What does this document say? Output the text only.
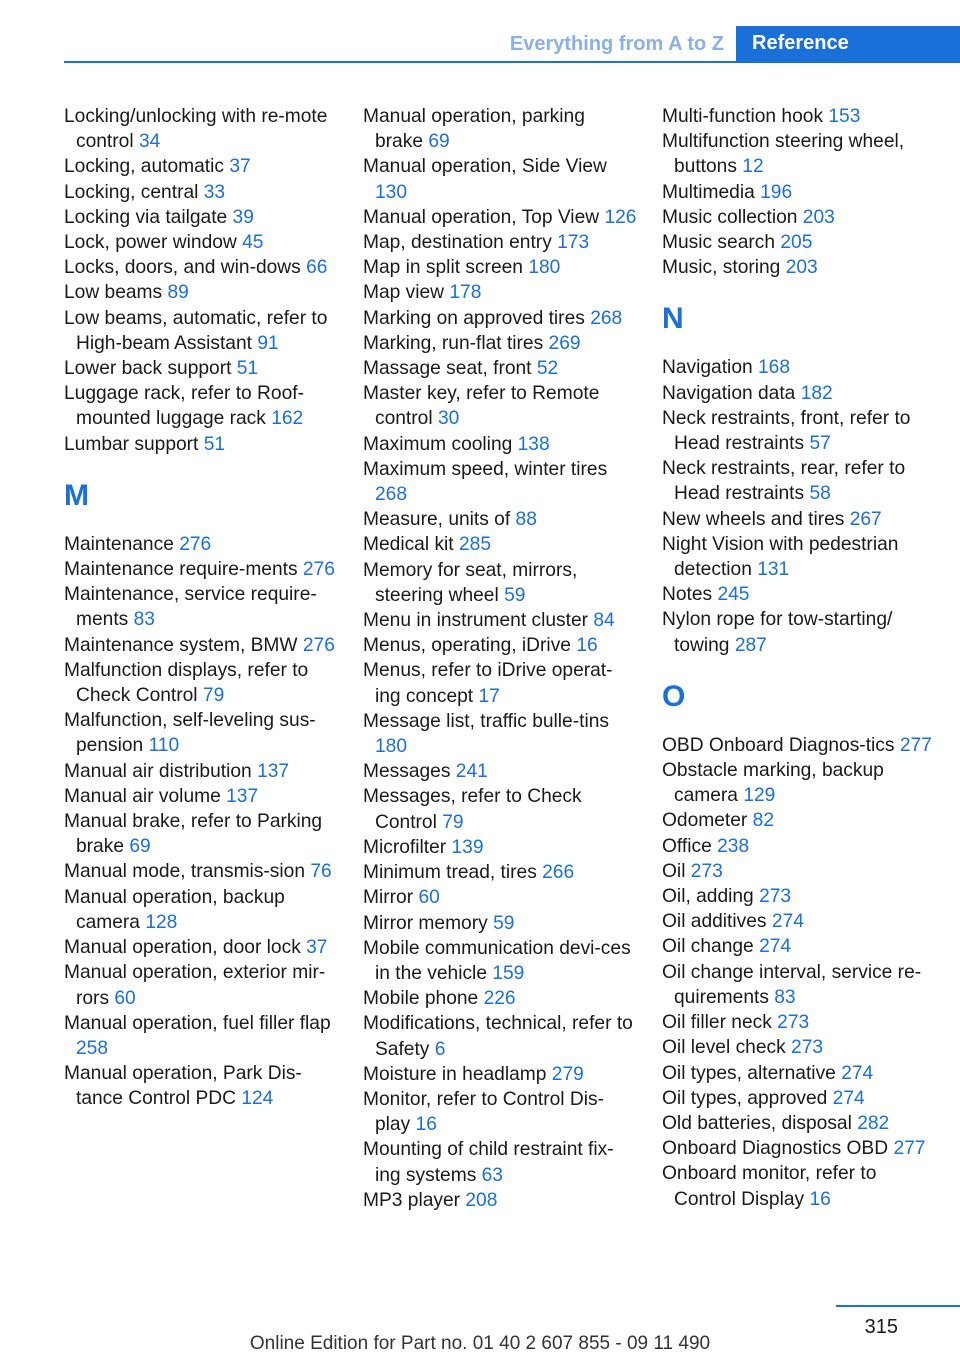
Everything from A to Z	Reference
Locking/unlocking with re‐mote control 34
Locking, automatic 37
Locking, central 33
Locking via tailgate 39
Lock, power window 45
Locks, doors, and win‐dows 66
Low beams 89
Low beams, automatic, refer to High-beam Assistant 91
Lower back support 51
Luggage rack, refer to Roof-mounted luggage rack 162
Lumbar support 51
M
Maintenance 276
Maintenance require‐ments 276
Maintenance, service require‐ments 83
Maintenance system, BMW 276
Malfunction displays, refer to Check Control 79
Malfunction, self-leveling sus‐pension 110
Manual air distribution 137
Manual air volume 137
Manual brake, refer to Parking brake 69
Manual mode, transmis‐sion 76
Manual operation, backup camera 128
Manual operation, door lock 37
Manual operation, exterior mir‐rors 60
Manual operation, fuel filler flap 258
Manual operation, Park Dis‐tance Control PDC 124
Manual operation, parking brake 69
Manual operation, Side View 130
Manual operation, Top View 126
Map, destination entry 173
Map in split screen 180
Map view 178
Marking on approved tires 268
Marking, run-flat tires 269
Massage seat, front 52
Master key, refer to Remote control 30
Maximum cooling 138
Maximum speed, winter tires 268
Measure, units of 88
Medical kit 285
Memory for seat, mirrors, steering wheel 59
Menu in instrument cluster 84
Menus, operating, iDrive 16
Menus, refer to iDrive operat‐ing concept 17
Message list, traffic bulle‐tins 180
Messages 241
Messages, refer to Check Control 79
Microfilter 139
Minimum tread, tires 266
Mirror 60
Mirror memory 59
Mobile communication devi‐ces in the vehicle 159
Mobile phone 226
Modifications, technical, refer to Safety 6
Moisture in headlamp 279
Monitor, refer to Control Dis‐play 16
Mounting of child restraint fix‐ing systems 63
MP3 player 208
Multi-function hook 153
Multifunction steering wheel, buttons 12
Multimedia 196
Music collection 203
Music search 205
Music, storing 203
N
Navigation 168
Navigation data 182
Neck restraints, front, refer to Head restraints 57
Neck restraints, rear, refer to Head restraints 58
New wheels and tires 267
Night Vision with pedestrian detection 131
Notes 245
Nylon rope for tow-starting/ towing 287
O
OBD Onboard Diagnos‐tics 277
Obstacle marking, backup camera 129
Odometer 82
Office 238
Oil 273
Oil, adding 273
Oil additives 274
Oil change 274
Oil change interval, service re‐quirements 83
Oil filler neck 273
Oil level check 273
Oil types, alternative 274
Oil types, approved 274
Old batteries, disposal 282
Onboard Diagnostics OBD 277
Onboard monitor, refer to Control Display 16
315
Online Edition for Part no. 01 40 2 607 855 - 09 11 490
